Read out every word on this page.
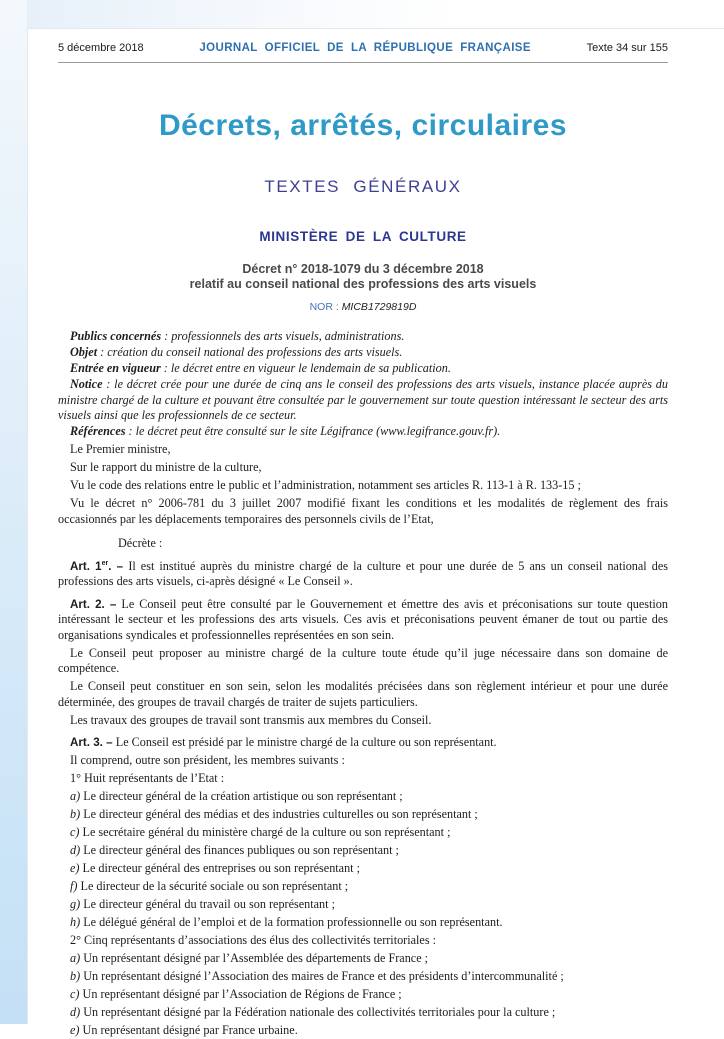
5 décembre 2018	JOURNAL OFFICIEL DE LA RÉPUBLIQUE FRANÇAISE	Texte 34 sur 155
Décrets, arrêtés, circulaires
TEXTES GÉNÉRAUX
MINISTÈRE DE LA CULTURE
Décret n° 2018-1079 du 3 décembre 2018
relatif au conseil national des professions des arts visuels
NOR : MICB1729819D

Publics concernés : professionnels des arts visuels, administrations.

Objet : création du conseil national des professions des arts visuels.

Entrée en vigueur : le décret entre en vigueur le lendemain de sa publication.

Notice : le décret crée pour une durée de cinq ans le conseil des professions des arts visuels, instance placée auprès du ministre chargé de la culture et pouvant être consultée par le gouvernement sur toute question intéressant le secteur des arts visuels ainsi que les professionnels de ce secteur.

Références : le décret peut être consulté sur le site Légifrance (www.legifrance.gouv.fr).

Le Premier ministre,

Sur le rapport du ministre de la culture,

Vu le code des relations entre le public et l’administration, notamment ses articles R. 113-1 à R. 133-15 ;

Vu le décret n° 2006-781 du 3 juillet 2007 modifié fixant les conditions et les modalités de règlement des frais occasionnés par les déplacements temporaires des personnels civils de l’Etat,

Décrète :

Art. 1er. – Il est institué auprès du ministre chargé de la culture et pour une durée de 5 ans un conseil national des professions des arts visuels, ci-après désigné « Le Conseil ».

Art. 2. – Le Conseil peut être consulté par le Gouvernement et émettre des avis et préconisations sur toute question intéressant le secteur et les professions des arts visuels. Ces avis et préconisations peuvent émaner de tout ou partie des organisations syndicales et professionnelles représentées en son sein.

Le Conseil peut proposer au ministre chargé de la culture toute étude qu’il juge nécessaire dans son domaine de compétence.

Le Conseil peut constituer en son sein, selon les modalités précisées dans son règlement intérieur et pour une durée déterminée, des groupes de travail chargés de traiter de sujets particuliers.

Les travaux des groupes de travail sont transmis aux membres du Conseil.

Art. 3. – Le Conseil est présidé par le ministre chargé de la culture ou son représentant.

Il comprend, outre son président, les membres suivants :

1° Huit représentants de l’Etat :

a) Le directeur général de la création artistique ou son représentant ;

b) Le directeur général des médias et des industries culturelles ou son représentant ;

c) Le secrétaire général du ministère chargé de la culture ou son représentant ;

d) Le directeur général des finances publiques ou son représentant ;

e) Le directeur général des entreprises ou son représentant ;

f) Le directeur de la sécurité sociale ou son représentant ;

g) Le directeur général du travail ou son représentant ;

h) Le délégué général de l’emploi et de la formation professionnelle ou son représentant.

2° Cinq représentants d’associations des élus des collectivités territoriales :

a) Un représentant désigné par l’Assemblée des départements de France ;

b) Un représentant désigné l’Association des maires de France et des présidents d’intercommunalité ;

c) Un représentant désigné par l’Association de Régions de France ;

d) Un représentant désigné par la Fédération nationale des collectivités territoriales pour la culture ;

e) Un représentant désigné par France urbaine.
